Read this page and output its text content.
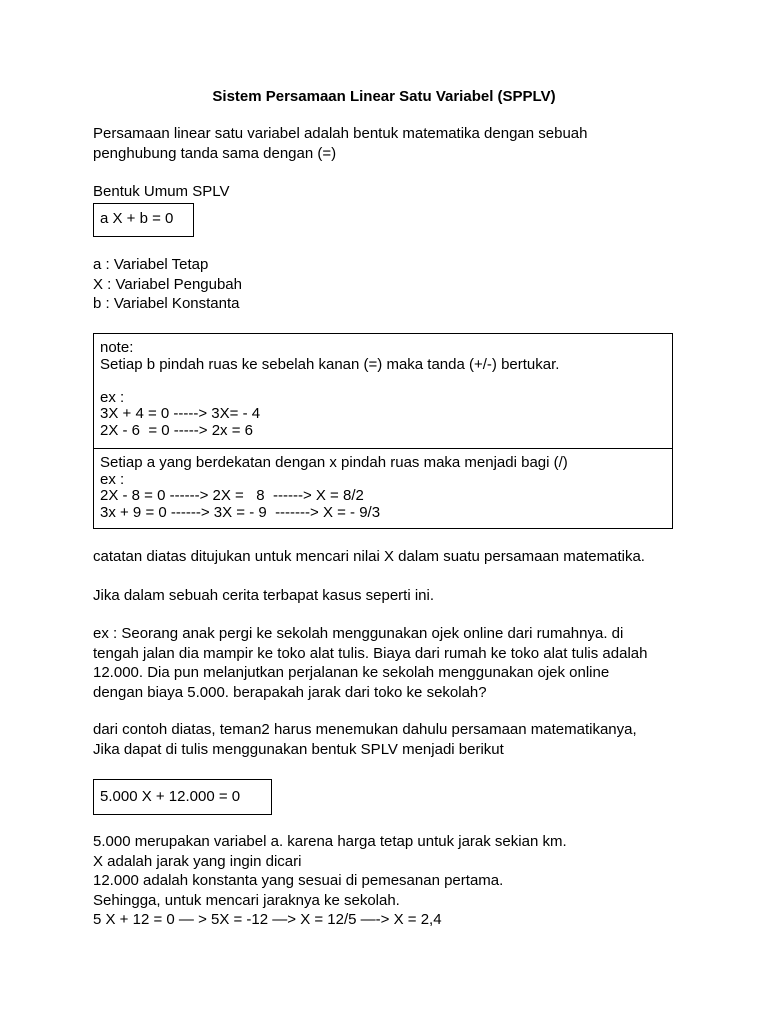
Sistem Persamaan Linear Satu Variabel (SPPLV)
Persamaan linear satu variabel adalah bentuk matematika dengan sebuah
penghubung tanda sama dengan (=)
Bentuk Umum SPLV
a X + b = 0
a : Variabel Tetap
X : Variabel Pengubah
b : Variabel Konstanta
note:
Setiap b pindah ruas ke sebelah kanan (=) maka tanda (+/-) bertukar.

ex :
3X + 4 = 0 -----> 3X= - 4
2X - 6  = 0 -----> 2x = 6
Setiap a yang berdekatan dengan x pindah ruas maka menjadi bagi (/)
ex :
2X - 8 = 0 ------> 2X =   8  ------> X = 8/2
3x + 9 = 0 ------> 3X = - 9  -------> X = - 9/3
catatan diatas ditujukan untuk mencari nilai X dalam suatu persamaan matematika.
Jika dalam sebuah cerita terbapat kasus seperti ini.
ex : Seorang anak pergi ke sekolah menggunakan ojek online dari rumahnya. di
tengah jalan dia mampir ke toko alat tulis. Biaya dari rumah ke toko alat tulis adalah
12.000. Dia pun melanjutkan perjalanan ke sekolah menggunakan ojek online
dengan biaya 5.000. berapakah jarak dari toko ke sekolah?
dari contoh diatas, teman2 harus menemukan dahulu persamaan matematikanya,
Jika dapat di tulis menggunakan bentuk SPLV menjadi berikut
5.000 X + 12.000 = 0
5.000 merupakan variabel a. karena harga tetap untuk jarak sekian km.
X adalah jarak yang ingin dicari
12.000 adalah konstanta yang sesuai di pemesanan pertama.
Sehingga, untuk mencari jaraknya ke sekolah.
5 X + 12 = 0 — > 5X = -12 —> X = 12/5 —-> X = 2,4
